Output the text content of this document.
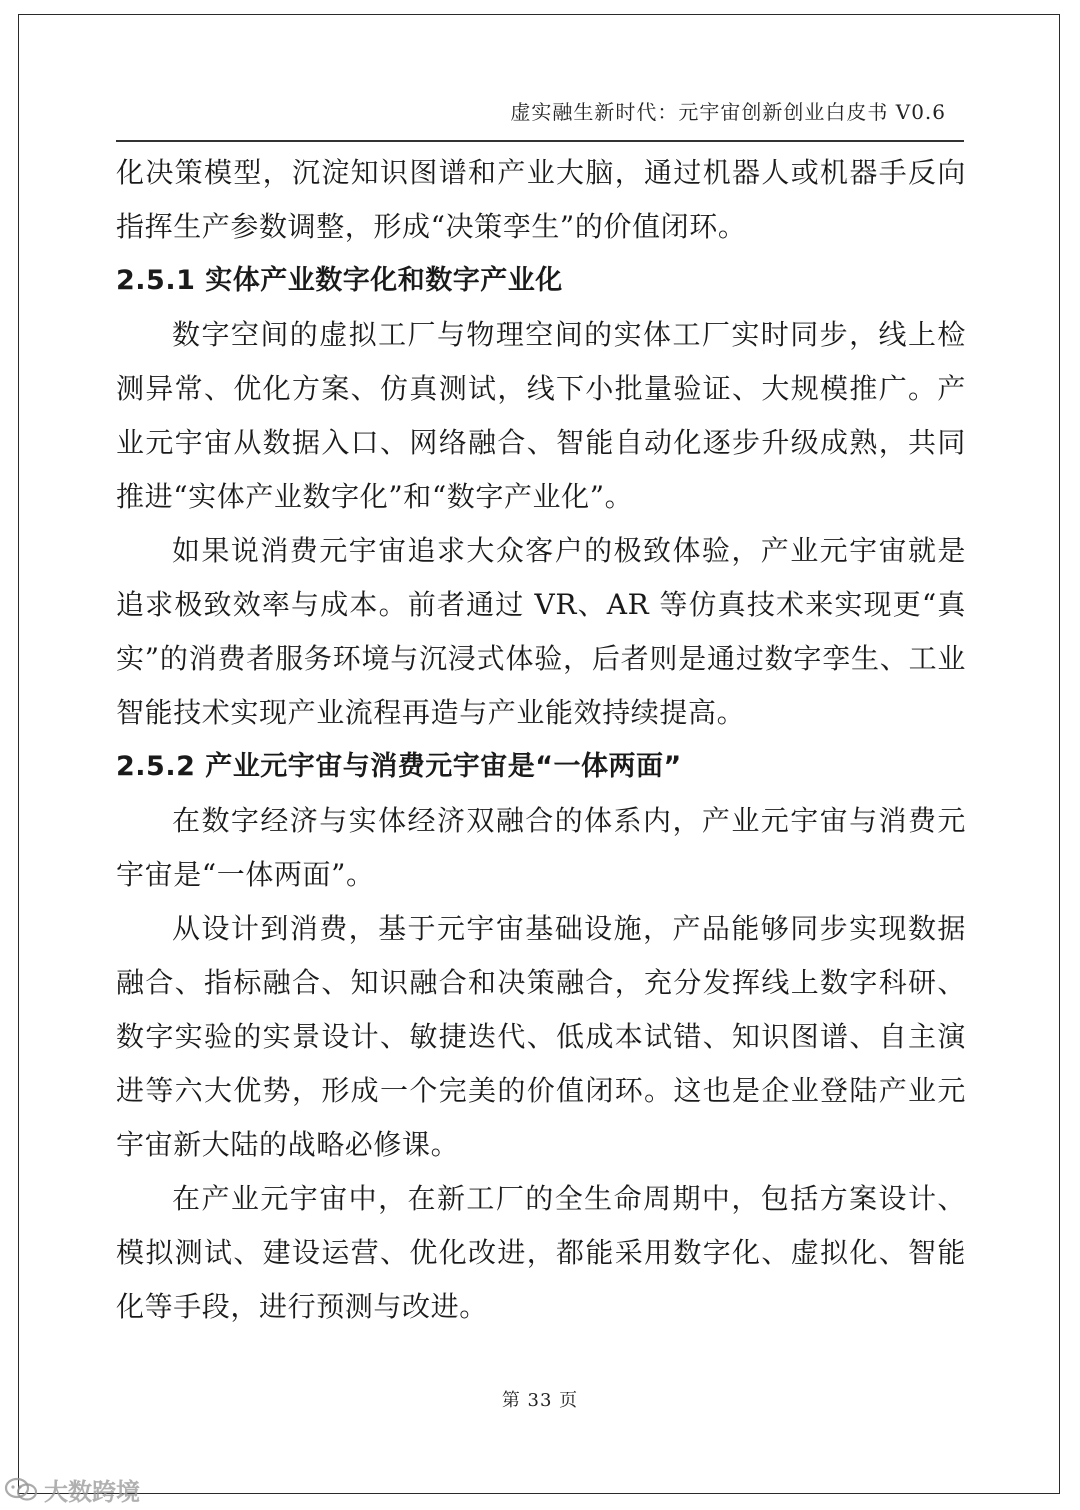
虚实融生新时代：元宇宙创新创业白皮书 V0.6

化决策模型，沉淀知识图谱和产业大脑，通过机器人或机器手反向指挥生产参数调整，形成“决策孪生”的价值闭环。

2.5.1 实体产业数字化和数字产业化

数字空间的虚拟工厂与物理空间的实体工厂实时同步，线上检测异常、优化方案、仿真测试，线下小批量验证、大规模推广。产业元宇宙从数据入口、网络融合、智能自动化逐步升级成熟，共同推进“实体产业数字化”和“数字产业化”。

如果说消费元宇宙追求大众客户的极致体验，产业元宇宙就是追求极致效率与成本。前者通过 VR、AR 等仿真技术来实现更“真实”的消费者服务环境与沉浸式体验，后者则是通过数字孪生、工业智能技术实现产业流程再造与产业能效持续提高。

2.5.2 产业元宇宙与消费元宇宙是“一体两面”

在数字经济与实体经济双融合的体系内，产业元宇宙与消费元宇宙是“一体两面”。

从设计到消费，基于元宇宙基础设施，产品能够同步实现数据融合、指标融合、知识融合和决策融合，充分发挥线上数字科研、数字实验的实景设计、敏捷迭代、低成本试错、知识图谱、自主演进等六大优势，形成一个完美的价值闭环。这也是企业登陆产业元宇宙新大陆的战略必修课。

在产业元宇宙中，在新工厂的全生命周期中，包括方案设计、模拟测试、建设运营、优化改进，都能采用数字化、虚拟化、智能化等手段，进行预测与改进。

第 33 页
大数跨境
